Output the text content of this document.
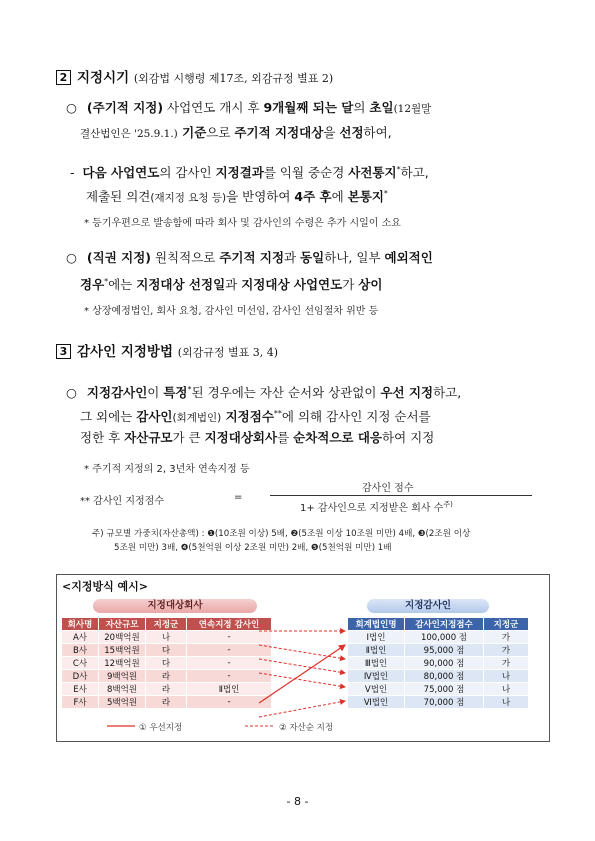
2 지정시기 (외감법 시행령 제17조, 외감규정 별표 2)
○ (주기적 지정) 사업연도 개시 후 9개월째 되는 달의 초일(12월말
결산법인은 '25.9.1.) 기준으로 주기적 지정대상을 선정하여,
- 다음 사업연도의 감사인 지정결과를 익월 중순경 사전통지*하고,
제출된 의견(재지정 요청 등)을 반영하여 4주 후에 본통지*
* 등기우편으로 발송함에 따라 회사 및 감사인의 수령은 추가 시일이 소요
○ (직권 지정) 원칙적으로 주기적 지정과 동일하나, 일부 예외적인
경우*에는 지정대상 선정일과 지정대상 사업연도가 상이
* 상장예정법인, 회사 요청, 감사인 미선임, 감사인 선임절차 위반 등
3 감사인 지정방법 (외감규정 별표 3, 4)
○ 지정감사인이 특정*된 경우에는 자산 순서와 상관없이 우선 지정하고,
그 외에는 감사인(회계법인) 지정점수**에 의해 감사인 지정 순서를
정한 후 자산규모가 큰 지정대상회사를 순차적으로 대응하여 지정
* 주기적 지정의 2, 3년차 연속지정 등
** 감사인 지정점수	=
감사인 점수
1+ 감사인으로 지정받은 회사 수$^{주)}$
주) 규모별 가중치(자산총액) : ❶(10조원 이상) 5배, ❷(5조원 이상 10조원 미만) 4배, ❸(2조원 이상
5조원 미만) 3배, ❹(5천억원 이상 2조원 미만) 2배, ❺(5천억원 미만) 1배
<지정방식 예시>
지정대상회사	지정감사인
회사명	자산규모	지정군	연속지정 감사인
A사	20백억원	나	-
B사	15백억원	다	-
C사	12백억원	다	-
D사	9백억원	라	-
E사	8백억원	라	Ⅱ법인
F사	5백억원	라	-
회계법인명	감사인지정점수	지정군
Ⅰ법인	100,000 점	가
Ⅱ법인	95,000 점	가
Ⅲ법인	90,000 점	가
Ⅳ법인	80,000 점	나
Ⅴ법인	75,000 점	나
Ⅵ법인	70,000 점	나
① 우선지정	② 자산순 지정
- 8 -
